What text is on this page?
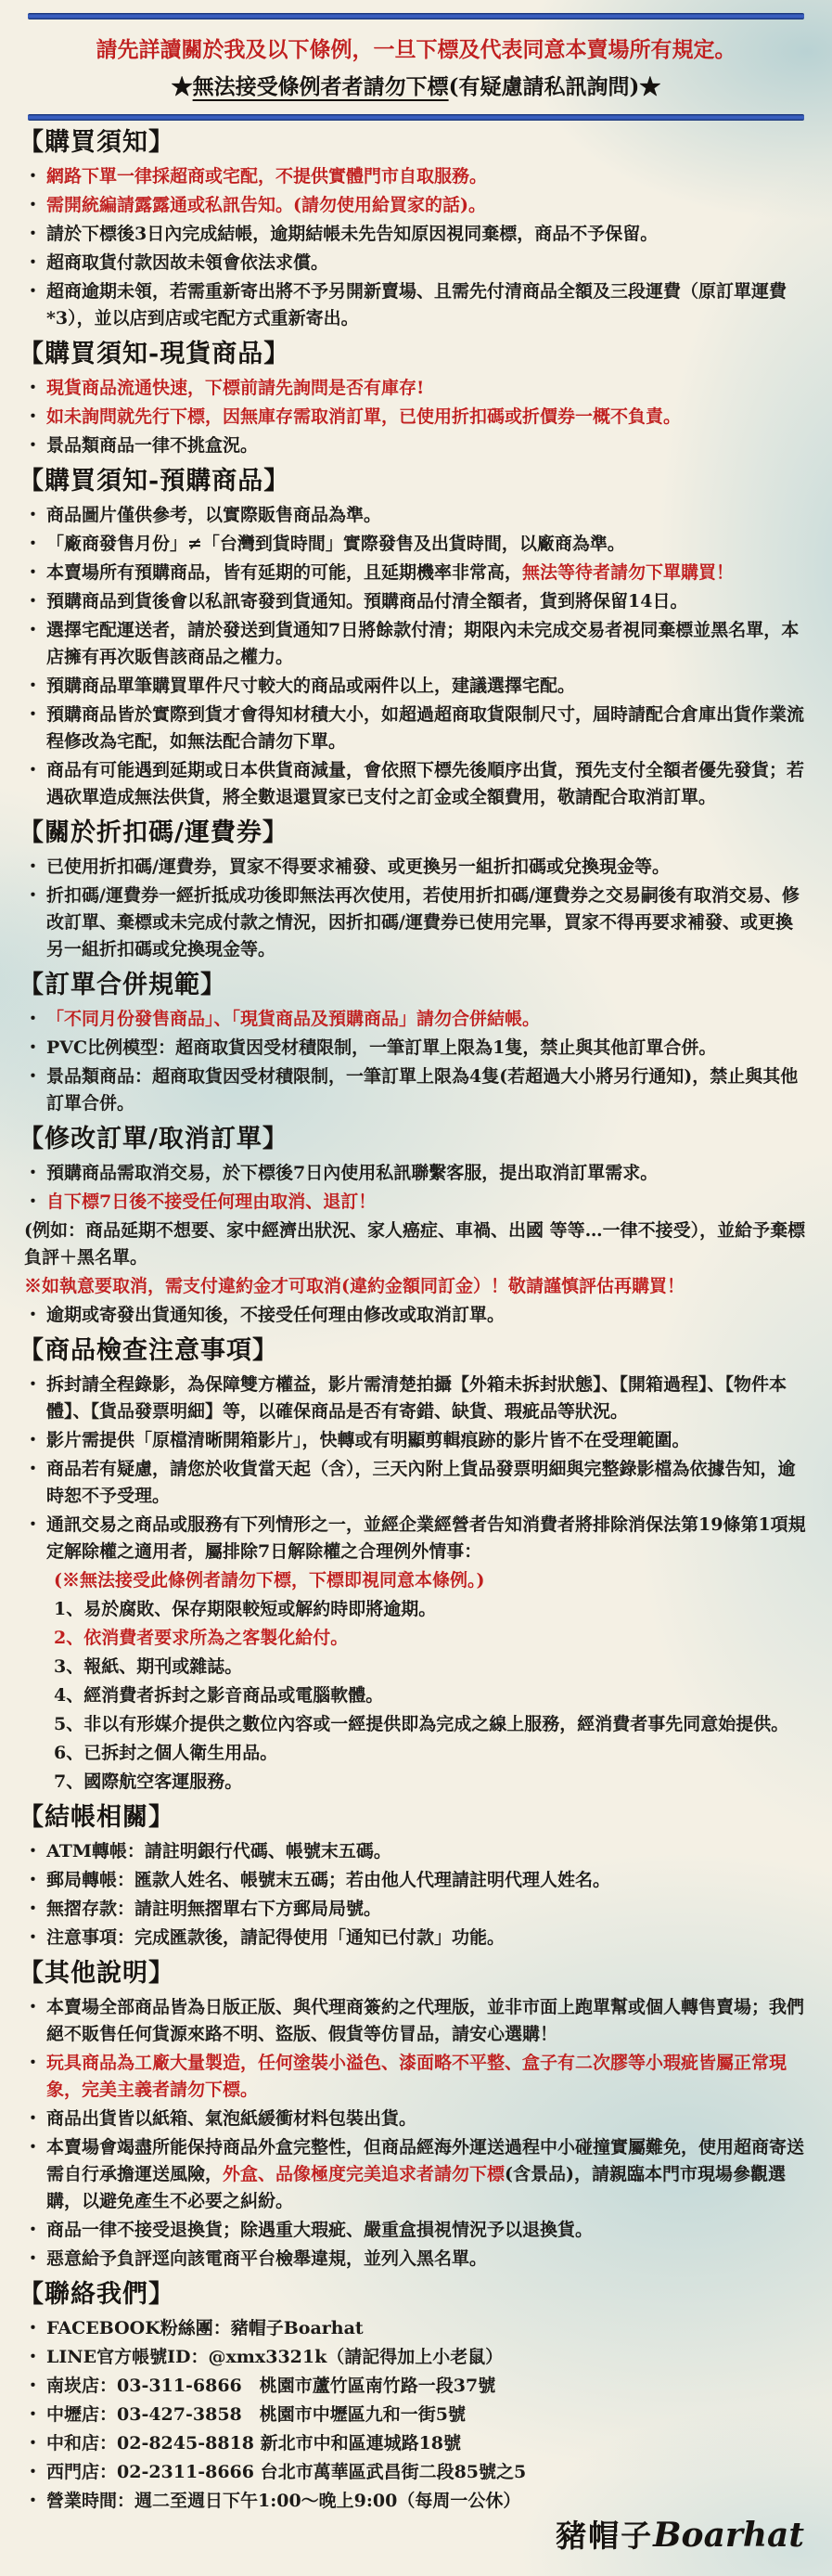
請先詳讀關於我及以下條例，一旦下標及代表同意本賣場所有規定。
★無法接受條例者者請勿下標(有疑慮請私訊詢問)★
【購買須知】
・ 網路下單一律採超商或宅配，不提供實體門市自取服務。
・ 需開統編請露露通或私訊告知。(請勿使用給買家的話)。
・ 請於下標後3日內完成結帳，逾期結帳未先告知原因視同棄標，商品不予保留。
・ 超商取貨付款因故未領會依法求償。
・ 超商逾期未領，若需重新寄出將不予另開新賣場、且需先付清商品全額及三段運費（原訂單運費*3），並以店到店或宅配方式重新寄出。
【購買須知-現貨商品】
・ 現貨商品流通快速，下標前請先詢問是否有庫存!
・ 如未詢問就先行下標，因無庫存需取消訂單，已使用折扣碼或折價券一概不負責。
・ 景品類商品一律不挑盒況。
【購買須知-預購商品】
・ 商品圖片僅供參考，以實際販售商品為準。
・ 「廠商發售月份」≠「台灣到貨時間」實際發售及出貨時間，以廠商為準。
・ 本賣場所有預購商品，皆有延期的可能，且延期機率非常高，無法等待者請勿下單購買！
・ 預購商品到貨後會以私訊寄發到貨通知。預購商品付清全額者，貨到將保留14日。
・ 選擇宅配運送者，請於發送到貨通知7日將餘款付清；期限內未完成交易者視同棄標並黑名單，本店擁有再次販售該商品之權力。
・ 預購商品單筆購買單件尺寸較大的商品或兩件以上，建議選擇宅配。
・ 預購商品皆於實際到貨才會得知材積大小，如超過超商取貨限制尺寸，屆時請配合倉庫出貨作業流程修改為宅配，如無法配合請勿下單。
・ 商品有可能遇到延期或日本供貨商減量，會依照下標先後順序出貨，預先支付全額者優先發貨；若遇砍單造成無法供貨，將全數退還買家已支付之訂金或全額費用，敬請配合取消訂單。
【關於折扣碼/運費券】
・ 已使用折扣碼/運費券，買家不得要求補發、或更換另一組折扣碼或兌換現金等。
・ 折扣碼/運費券一經折抵成功後即無法再次使用，若使用折扣碼/運費券之交易嗣後有取消交易、修改訂單、棄標或未完成付款之情況，因折扣碼/運費券已使用完畢，買家不得再要求補發、或更換另一組折扣碼或兌換現金等。
【訂單合併規範】
・ 「不同月份發售商品」、「現貨商品及預購商品」請勿合併結帳。
・ PVC比例模型：超商取貨因受材積限制，一筆訂單上限為1隻，禁止與其他訂單合併。
・ 景品類商品：超商取貨因受材積限制，一筆訂單上限為4隻(若超過大小將另行通知)，禁止與其他訂單合併。
【修改訂單/取消訂單】
・ 預購商品需取消交易，於下標後7日內使用私訊聯繫客服，提出取消訂單需求。
・ 自下標7日後不接受任何理由取消、退訂！
(例如：商品延期不想要、家中經濟出狀況、家人癌症、車禍、出國 等等…一律不接受），並給予棄標負評＋黑名單。
※如執意要取消，需支付違約金才可取消(違約金額同訂金）！敬請謹慎評估再購買！
・ 逾期或寄發出貨通知後，不接受任何理由修改或取消訂單。
【商品檢查注意事項】
・ 拆封請全程錄影，為保障雙方權益，影片需清楚拍攝【外箱未拆封狀態】、【開箱過程】、【物件本體】、【貨品發票明細】等，以確保商品是否有寄錯、缺貨、瑕疵品等狀況。
・ 影片需提供「原檔清晰開箱影片」，快轉或有明顯剪輯痕跡的影片皆不在受理範圍。
・ 商品若有疑慮，請您於收貨當天起（含），三天內附上貨品發票明細與完整錄影檔為依據告知，逾時恕不予受理。
・ 通訊交易之商品或服務有下列情形之一，並經企業經營者告知消費者將排除消保法第19條第1項規定解除權之適用者，屬排除7日解除權之合理例外情事：
(※無法接受此條例者請勿下標，下標即視同意本條例。)
1、易於腐敗、保存期限較短或解約時即將逾期。
2、依消費者要求所為之客製化給付。
3、報紙、期刊或雜誌。
4、經消費者拆封之影音商品或電腦軟體。
5、非以有形媒介提供之數位內容或一經提供即為完成之線上服務，經消費者事先同意始提供。
6、已拆封之個人衛生用品。
7、國際航空客運服務。
【結帳相關】
・ ATM轉帳：請註明銀行代碼、帳號末五碼。
・ 郵局轉帳：匯款人姓名、帳號末五碼；若由他人代理請註明代理人姓名。
・ 無摺存款：請註明無摺單右下方郵局局號。
・ 注意事項：完成匯款後，請記得使用「通知已付款」功能。
【其他說明】
・ 本賣場全部商品皆為日版正版、與代理商簽約之代理版，並非市面上跑單幫或個人轉售賣場；我們絕不販售任何貨源來路不明、盜版、假貨等仿冒品，請安心選購！
・ 玩具商品為工廠大量製造，任何塗裝小溢色、漆面略不平整、盒子有二次膠等小瑕疵皆屬正常現象，完美主義者請勿下標。
・ 商品出貨皆以紙箱、氣泡紙緩衝材料包裝出貨。
・ 本賣場會竭盡所能保持商品外盒完整性，但商品經海外運送過程中小碰撞實屬難免，使用超商寄送需自行承擔運送風險，外盒、品像極度完美追求者請勿下標(含景品)，請親臨本門市現場參觀選購，以避免產生不必要之糾紛。
・ 商品一律不接受退換貨；除遇重大瑕疵、嚴重盒損視情況予以退換貨。
・ 惡意給予負評逕向該電商平台檢舉違規，並列入黑名單。
【聯絡我們】
・ FACEBOOK粉絲團：豬帽子Boarhat
・ LINE官方帳號ID：@xmx3321k（請記得加上小老鼠）
・ 南崁店：03-311-6866　桃園市蘆竹區南竹路一段37號
・ 中壢店：03-427-3858　桃園市中壢區九和一街5號
・ 中和店：02-8245-8818 新北市中和區連城路18號
・ 西門店：02-2311-8666 台北市萬華區武昌街二段85號之5
・ 營業時間：週二至週日下午1:00～晚上9:00（每周一公休）
豬帽子Boarhat
